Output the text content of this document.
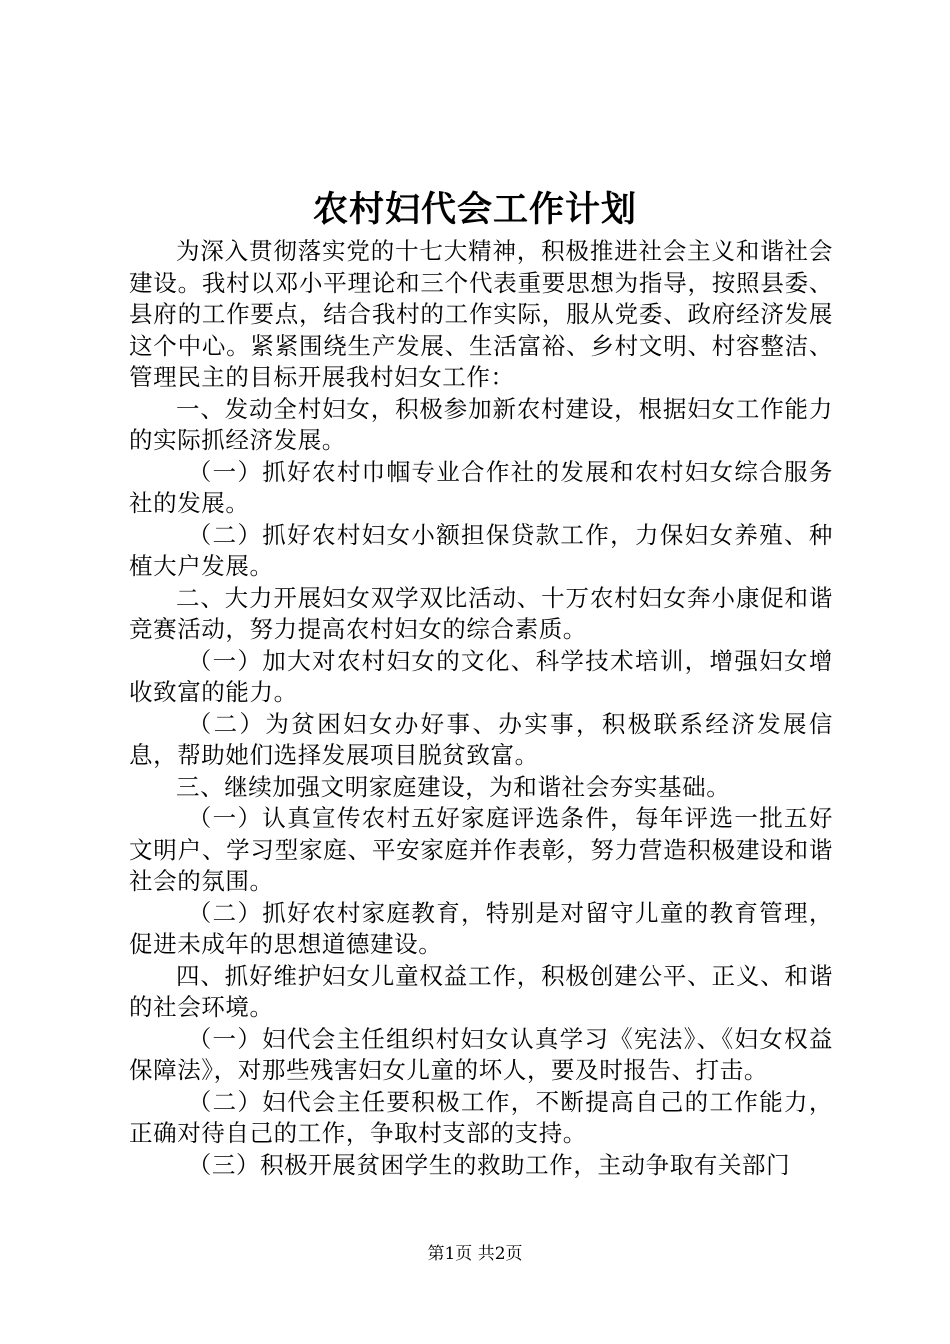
农村妇代会工作计划

为深入贯彻落实党的十七大精神，积极推进社会主义和谐社会建设。我村以邓小平理论和三个代表重要思想为指导，按照县委、县府的工作要点，结合我村的工作实际，服从党委、政府经济发展这个中心。紧紧围绕生产发展、生活富裕、乡村文明、村容整洁、管理民主的目标开展我村妇女工作：

一、发动全村妇女，积极参加新农村建设，根据妇女工作能力的实际抓经济发展。

（一）抓好农村巾帼专业合作社的发展和农村妇女综合服务社的发展。

（二）抓好农村妇女小额担保贷款工作，力保妇女养殖、种植大户发展。

二、大力开展妇女双学双比活动、十万农村妇女奔小康促和谐竞赛活动，努力提高农村妇女的综合素质。

（一）加大对农村妇女的文化、科学技术培训，增强妇女增收致富的能力。

（二）为贫困妇女办好事、办实事，积极联系经济发展信息，帮助她们选择发展项目脱贫致富。

三、继续加强文明家庭建设，为和谐社会夯实基础。

（一）认真宣传农村五好家庭评选条件，每年评选一批五好文明户、学习型家庭、平安家庭并作表彰，努力营造积极建设和谐社会的氛围。

（二）抓好农村家庭教育，特别是对留守儿童的教育管理，促进未成年的思想道德建设。

四、抓好维护妇女儿童权益工作，积极创建公平、正义、和谐的社会环境。

（一）妇代会主任组织村妇女认真学习《宪法》、《妇女权益保障法》，对那些残害妇女儿童的坏人，要及时报告、打击。

（二）妇代会主任要积极工作，不断提高自己的工作能力，正确对待自己的工作，争取村支部的支持。

（三）积极开展贫困学生的救助工作，主动争取有关部门

第1页 共2页
